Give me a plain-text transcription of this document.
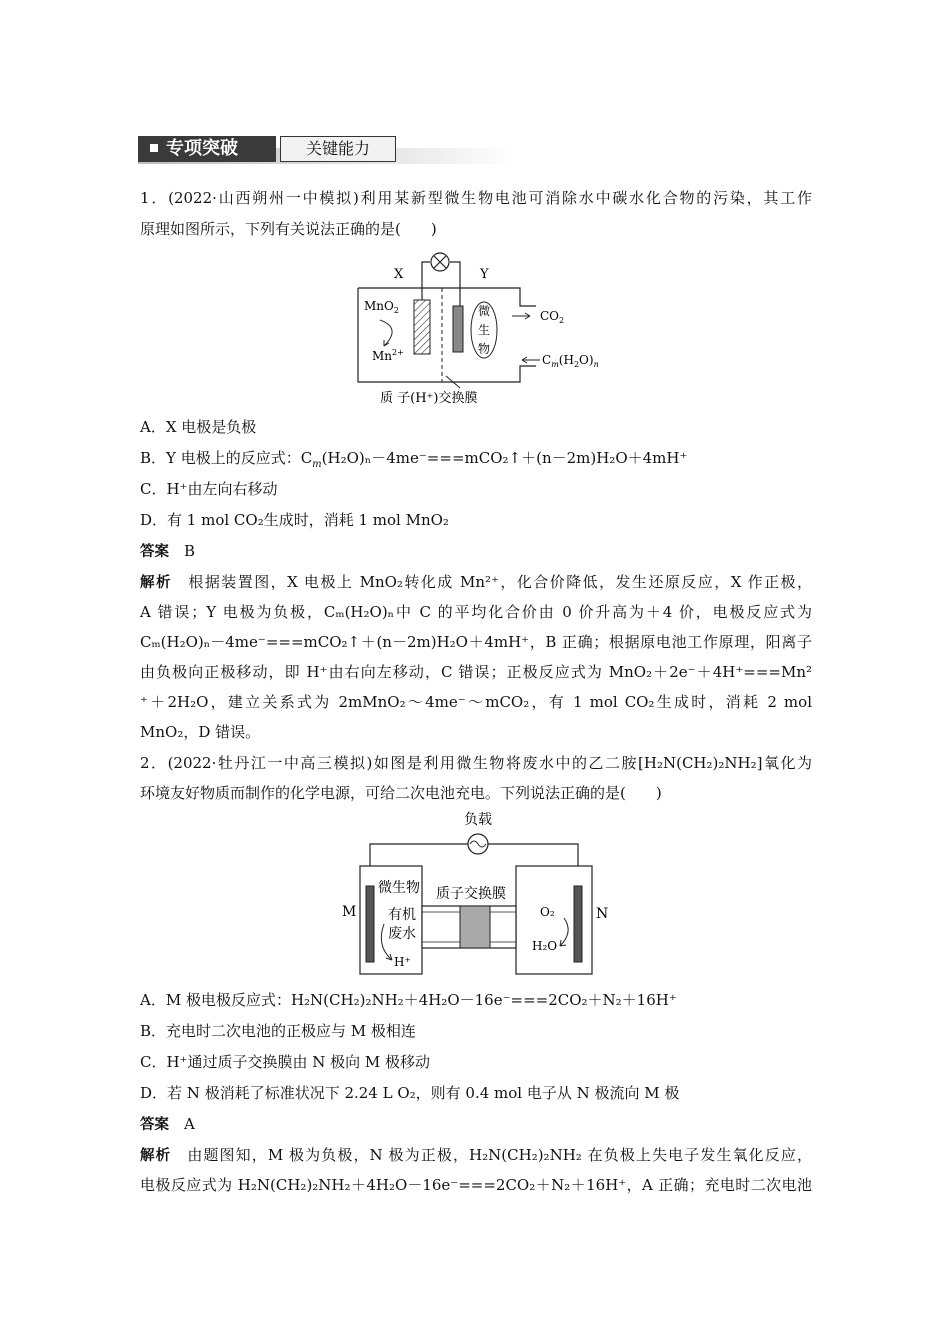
专项突破	关键能力
1．(2022·山西朔州一中模拟)利用某新型微生物电池可消除水中碳水化合物的污染，其工作
原理如图所示，下列有关说法正确的是(　　)
微
生
物
X	Y
MnO$_2$
$Mn^{2+}$
$CO_2$
$C_m(H_2O)_n$
质 子(H⁺)交换膜
A．X 电极是负极
B．Y 电极上的反应式：$C_m(H_2O)_n-4me^-===mCO_2↑+(n-2m)H_2O+4mH^+$
C．H⁺由左向右移动
D．有 1 mol CO₂生成时，消耗 1 mol MnO₂
答案　 B
解析　 根据装置图，X 电极上 MnO₂转化成 Mn²⁺，化合价降低，发生还原反应，X 作正极，
A 错误；Y 电极为负极，Cₘ(H₂O)ₙ中 C 的平均化合价由 0 价升高为＋4 价，电极反应式为
Cₘ(H₂O)ₙ－4me⁻===mCO₂↑＋(n－2m)H₂O＋4mH⁺，B 正确；根据原电池工作原理，阳离子
由负极向正极移动，即 H⁺由右向左移动，C 错误；正极反应式为 MnO₂＋2e⁻＋4H⁺===Mn²
⁺＋2H₂O，建立关系式为 2mMnO₂～4me⁻～mCO₂，有 1 mol CO₂生成时，消耗 2 mol
MnO₂，D 错误。
2．(2022·牡丹江一中高三模拟)如图是利用微生物将废水中的乙二胺[H₂N(CH₂)₂NH₂]氧化为
环境友好物质而制作的化学电源，可给二次电池充电。下列说法正确的是(　　)
负载
微生物 质子交换膜
有机
废水
M	N
H⁺
O₂
H₂O
A．M 极电极反应式：H₂N(CH₂)₂NH₂＋4H₂O－16e⁻===2CO₂＋N₂＋16H⁺
B．充电时二次电池的正极应与 M 极相连
C．H⁺通过质子交换膜由 N 极向 M 极移动
D．若 N 极消耗了标准状况下 2.24 L O₂，则有 0.4 mol 电子从 N 极流向 M 极
答案　 A
解析　 由题图知，M 极为负极，N 极为正极，H₂N(CH₂)₂NH₂ 在负极上失电子发生氧化反应，
电极反应式为 H₂N(CH₂)₂NH₂＋4H₂O－16e⁻===2CO₂＋N₂＋16H⁺，A 正确；充电时二次电池
